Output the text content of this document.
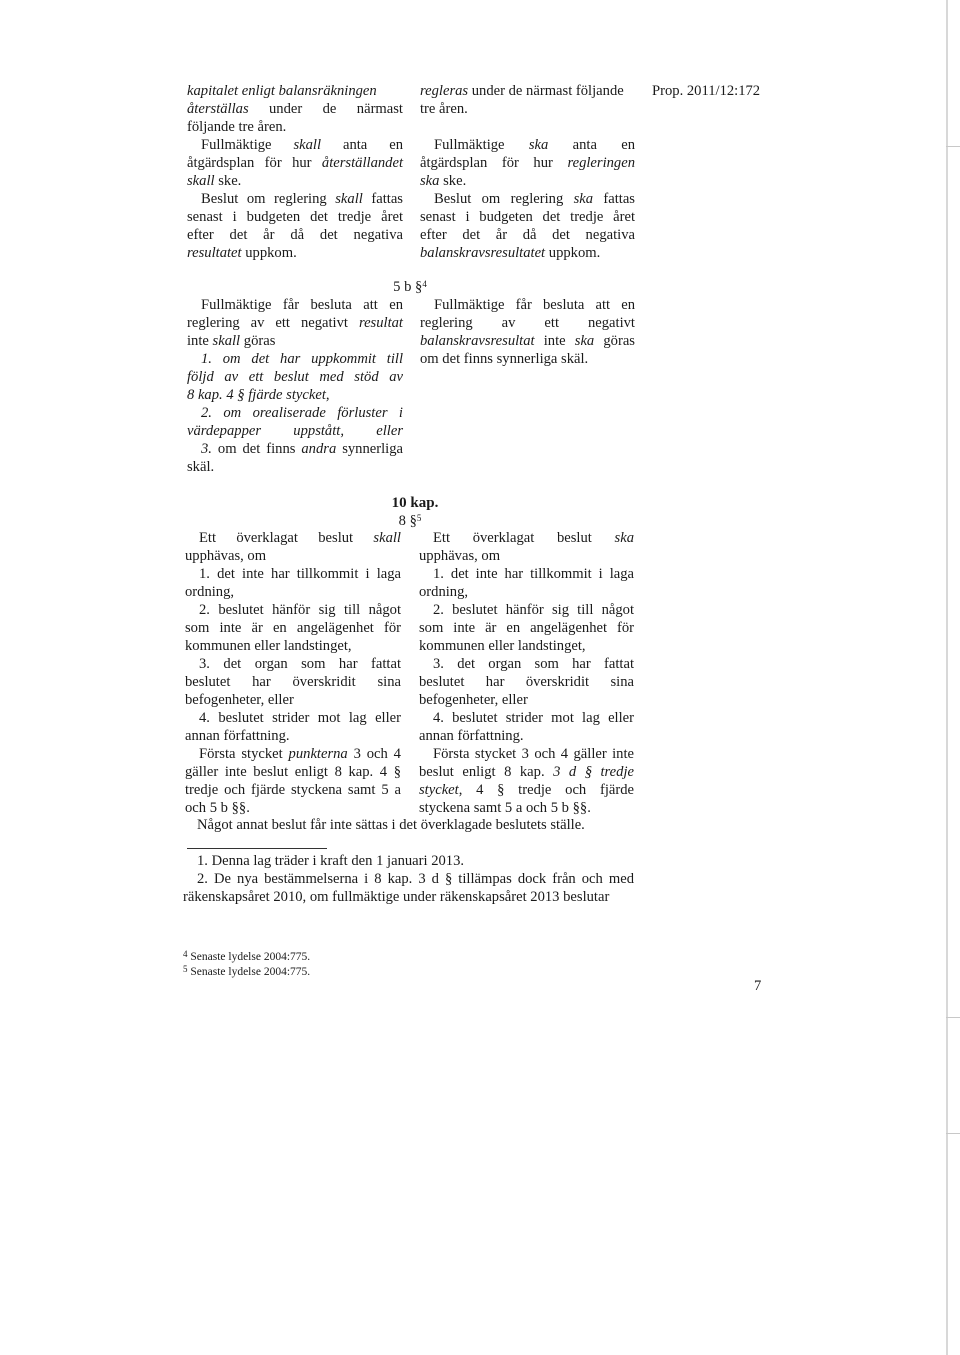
Prop. 2011/12:172
kapitalet enligt balansräkningen
återställas under de närmast
följande tre åren.
Fullmäktige skall anta en
åtgärdsplan för hur återställandet
skall ske.
Beslut om reglering skall fattas
senast i budgeten det tredje året
efter det år då det negativa
resultatet uppkom.
regleras under de närmast följande
tre åren.
Fullmäktige ska anta en
åtgärdsplan för hur regleringen
ska ske.
Beslut om reglering ska fattas
senast i budgeten det tredje året
efter det år då det negativa
balanskravsresultatet uppkom.
5 b §$^4$
Fullmäktige får besluta att en
reglering av ett negativt resultat
inte skall göras
1. om det har uppkommit till
följd av ett beslut med stöd av
8 kap. 4 § fjärde stycket,
2. om orealiserade förluster i
värdepapper uppstått, eller
3. om det finns andra synnerliga
skäl.
Fullmäktige får besluta att en
reglering av ett negativt
balanskravsresultat inte ska göras
om det finns synnerliga skäl.
10 kap.
8 §$^5$
Ett överklagat beslut skall
upphävas, om
1. det inte har tillkommit i laga
ordning,
2. beslutet hänför sig till något
som inte är en angelägenhet för
kommunen eller landstinget,
3. det organ som har fattat
beslutet har överskridit sina
befogenheter, eller
4. beslutet strider mot lag eller
annan författning.
Första stycket punkterna 3 och 4
gäller inte beslut enligt 8 kap. 4 §
tredje och fjärde styckena samt 5 a
och 5 b §§.
Ett överklagat beslut ska
upphävas, om
1. det inte har tillkommit i laga
ordning,
2. beslutet hänför sig till något
som inte är en angelägenhet för
kommunen eller landstinget,
3. det organ som har fattat
beslutet har överskridit sina
befogenheter, eller
4. beslutet strider mot lag eller
annan författning.
Första stycket 3 och 4 gäller inte
beslut enligt 8 kap. 3 d § tredje
stycket, 4 § tredje och fjärde
styckena samt 5 a och 5 b §§.
Något annat beslut får inte sättas i det överklagade beslutets ställe.
1. Denna lag träder i kraft den 1 januari 2013.
2. De nya bestämmelserna i 8 kap. 3 d § tillämpas dock från och med
räkenskapsåret 2010, om fullmäktige under räkenskapsåret 2013 beslutar
$^4$ Senaste lydelse 2004:775.
$^5$ Senaste lydelse 2004:775.
7
